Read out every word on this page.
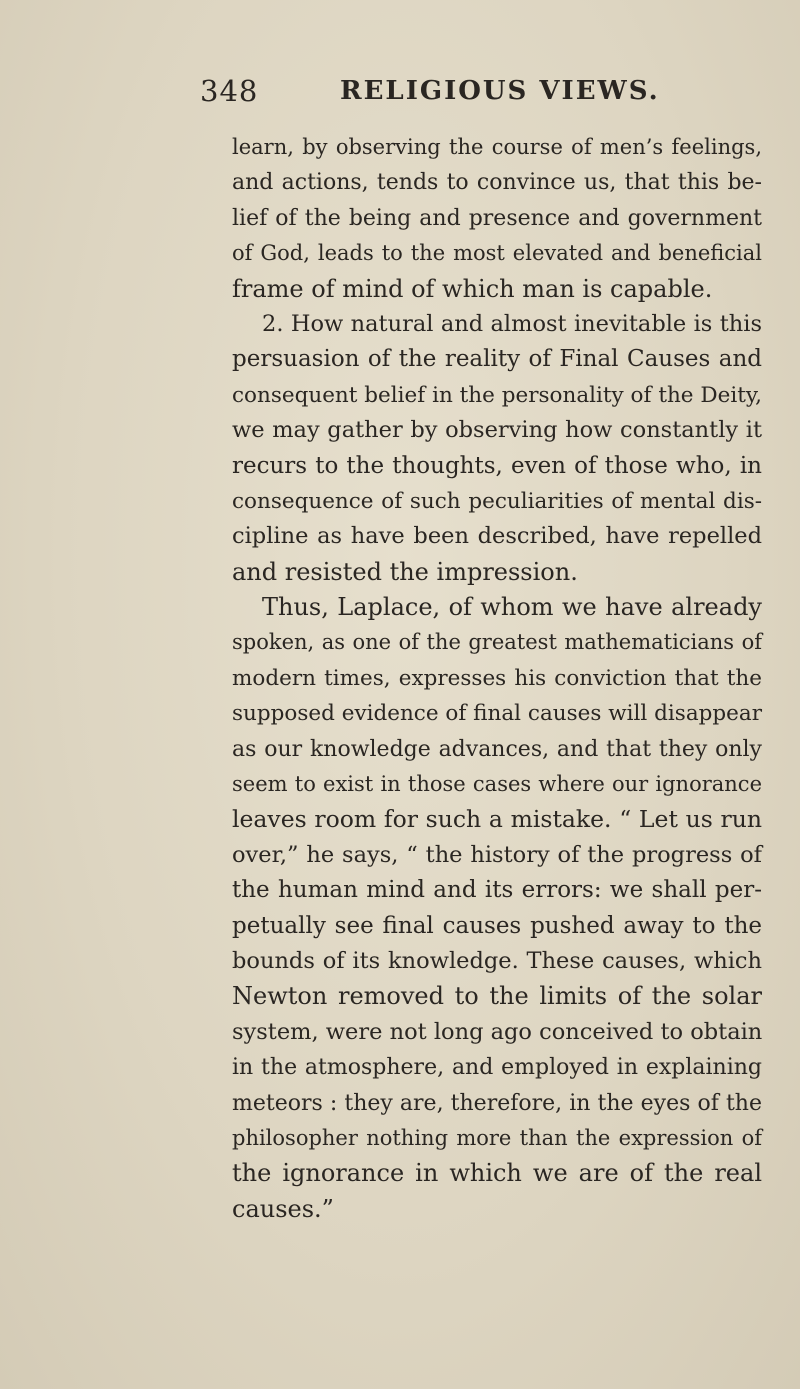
348	RELIGIOUS VIEWS.
learn, by observing the course of men’s feelings,
and actions, tends to convince us, that this be-
lief of the being and presence and government
of God, leads to the most elevated and beneficial
frame of mind of which man is capable.
2. How natural and almost inevitable is this
persuasion of the reality of Final Causes and
consequent belief in the personality of the Deity,
we may gather by observing how constantly it
recurs to the thoughts, even of those who, in
consequence of such peculiarities of mental dis-
cipline as have been described, have repelled
and resisted the impression.
Thus, Laplace, of whom we have already
spoken, as one of the greatest mathematicians of
modern times, expresses his conviction that the
supposed evidence of final causes will disappear
as our knowledge advances, and that they only
seem to exist in those cases where our ignorance
leaves room for such a mistake. “ Let us run
over,” he says, “ the history of the progress of
the human mind and its errors: we shall per-
petually see final causes pushed away to the
bounds of its knowledge. These causes, which
Newton removed to the limits of the solar
system, were not long ago conceived to obtain
in the atmosphere, and employed in explaining
meteors : they are, therefore, in the eyes of the
philosopher nothing more than the expression of
the ignorance in which we are of the real
causes.”
